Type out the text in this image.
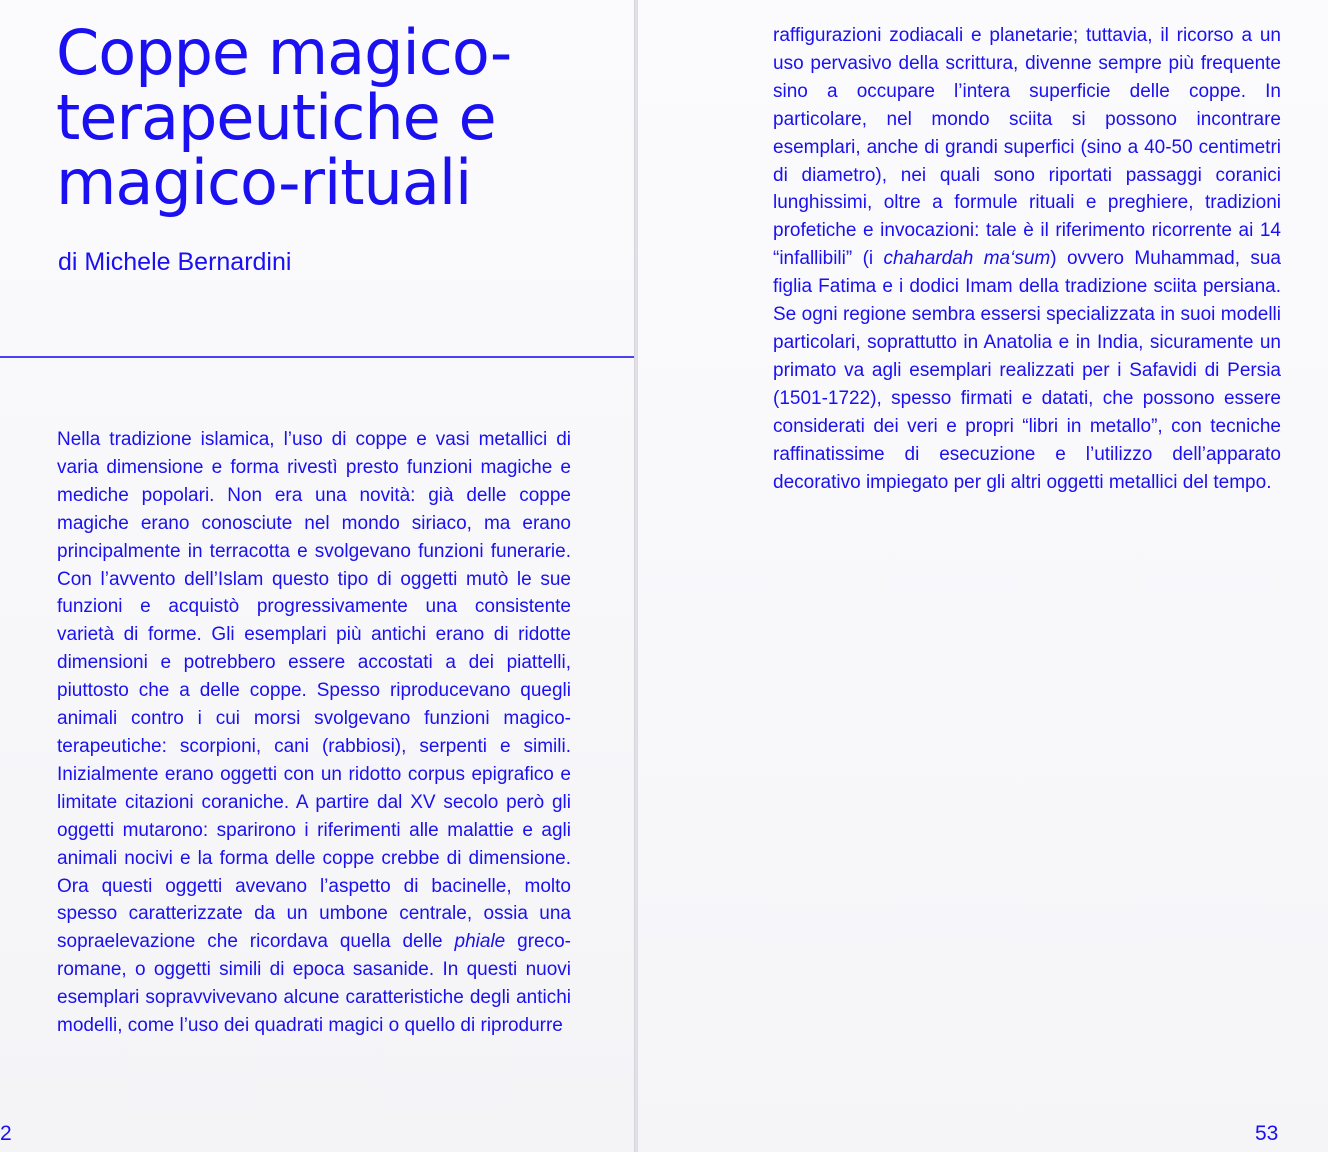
Coppe magico-terapeutiche e magico-rituali

di Michele Bernardini

Nella tradizione islamica, l’uso di coppe e vasi metallici di varia dimensione e forma rivestì presto funzioni magiche e mediche popolari. Non era una novità: già delle coppe magiche erano conosciute nel mondo siriaco, ma erano principalmente in terracotta e svolgevano funzioni funerarie. Con l’avvento dell’Islam questo tipo di oggetti mutò le sue funzioni e acquistò progressivamente una consistente varietà di forme. Gli esemplari più antichi erano di ridotte dimensioni e potrebbero essere accostati a dei piattelli, piuttosto che a delle coppe. Spesso riproducevano quegli animali contro i cui morsi svolgevano funzioni magico-terapeutiche: scorpioni, cani (rabbiosi), serpenti e simili. Inizialmente erano oggetti con un ridotto corpus epigrafico e limitate citazioni coraniche. A partire dal XV secolo però gli oggetti mutarono: sparirono i riferimenti alle malattie e agli animali nocivi e la forma delle coppe crebbe di dimensione. Ora questi oggetti avevano l’aspetto di bacinelle, molto spesso caratterizzate da un umbone centrale, ossia una sopraelevazione che ricordava quella delle phiale greco-romane, o oggetti simili di epoca sasanide. In questi nuovi esemplari sopravvivevano alcune caratteristiche degli antichi modelli, come l’uso dei quadrati magici o quello di riprodurre

2

raffigurazioni zodiacali e planetarie; tuttavia, il ricorso a un uso pervasivo della scrittura, divenne sempre più frequente sino a occupare l’intera superficie delle coppe. In particolare, nel mondo sciita si possono incontrare esemplari, anche di grandi superfici (sino a 40-50 centimetri di diametro), nei quali sono riportati passaggi coranici lunghissimi, oltre a formule rituali e preghiere, tradizioni profetiche e invocazioni: tale è il riferimento ricorrente ai 14 “infallibili” (i chahardah ma‘sum) ovvero Muhammad, sua figlia Fatima e i dodici Imam della tradizione sciita persiana. Se ogni regione sembra essersi specializzata in suoi modelli particolari, soprattutto in Anatolia e in India, sicuramente un primato va agli esemplari realizzati per i Safavidi di Persia (1501-1722), spesso firmati e datati, che possono essere considerati dei veri e propri “libri in metallo”, con tecniche raffinatissime di esecuzione e l’utilizzo dell’apparato decorativo impiegato per gli altri oggetti metallici del tempo.

53
